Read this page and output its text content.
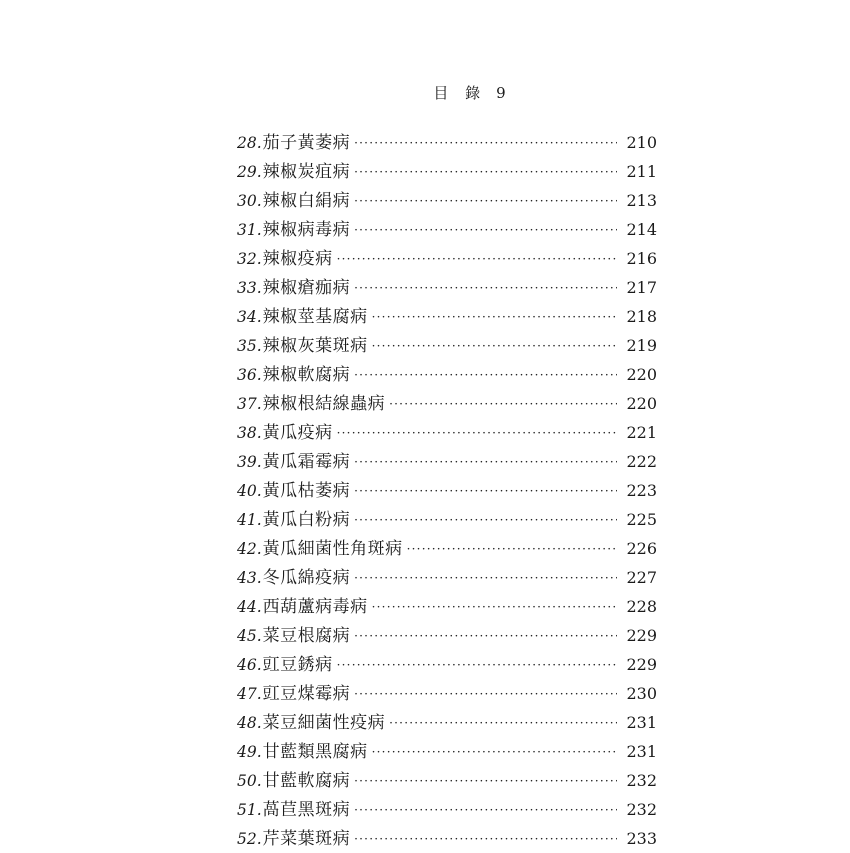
目 錄 9
28. 茄子黃萎病 ·····	210
29. 辣椒炭疽病 ·····	211
30. 辣椒白絹病 ·····	213
31. 辣椒病毒病 ·····	214
32. 辣椒疫病 ·····	216
33. 辣椒瘡痂病 ·····	217
34. 辣椒莖基腐病 ·····	218
35. 辣椒灰葉斑病 ·····	219
36. 辣椒軟腐病 ·····	220
37. 辣椒根結線蟲病 ·····	220
38. 黃瓜疫病 ·····	221
39. 黃瓜霜霉病 ·····	222
40. 黃瓜枯萎病 ·····	223
41. 黃瓜白粉病 ·····	225
42. 黃瓜細菌性角斑病 ·····	226
43. 冬瓜綿疫病 ·····	227
44. 西葫蘆病毒病 ·····	228
45. 菜豆根腐病 ·····	229
46. 豇豆銹病 ·····	229
47. 豇豆煤霉病 ·····	230
48. 菜豆細菌性疫病 ·····	231
49. 甘藍類黑腐病 ·····	231
50. 甘藍軟腐病 ·····	232
51. 萵苣黑斑病 ·····	232
52. 芹菜葉斑病 ·····	233
